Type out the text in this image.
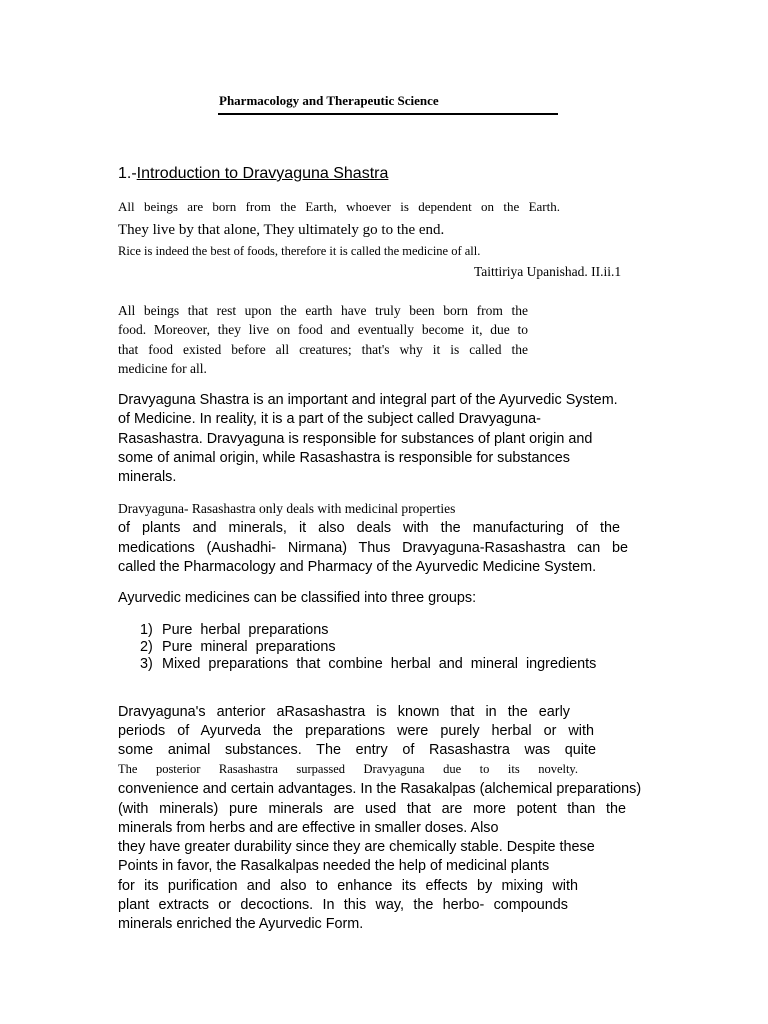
Pharmacology and Therapeutic Science
1.-Introduction to Dravyaguna Shastra
All beings are born from the Earth, whoever is dependent on the Earth.
They live by that alone, They ultimately go to the end.
Rice is indeed the best of foods, therefore it is called the medicine of all.
Taittiriya Upanishad. II.ii.1
All beings that rest upon the earth have truly been born from the
food. Moreover, they live on food and eventually become it, due to
that food existed before all creatures; that's why it is called the
medicine for all.
Dravyaguna Shastra is an important and integral part of the Ayurvedic System.
of Medicine. In reality, it is a part of the subject called Dravyaguna-
Rasashastra. Dravyaguna is responsible for substances of plant origin and
some of animal origin, while Rasashastra is responsible for substances
minerals.
Dravyaguna- Rasashastra only deals with medicinal properties
of plants and minerals, it also deals with the manufacturing of the
medications (Aushadhi- Nirmana) Thus Dravyaguna-Rasashastra can be
called the Pharmacology and Pharmacy of the Ayurvedic Medicine System.
Ayurvedic medicines can be classified into three groups:
1) Pure  herbal  preparations
2) Pure  mineral  preparations
3) Mixed  preparations  that  combine  herbal  and  mineral  ingredients
Dravyaguna's anterior aRasashastra is known that in the early
periods of Ayurveda the preparations were purely herbal or with
some animal substances. The entry of Rasashastra was quite
The posterior Rasashastra surpassed Dravyaguna due to its novelty.
convenience and certain advantages. In the Rasakalpas (alchemical preparations)
(with minerals) pure minerals are used that are more potent than the
minerals from herbs and are effective in smaller doses. Also
they have greater durability since they are chemically stable. Despite these
Points in favor, the Rasalkalpas needed the help of medicinal plants
for its purification and also to enhance its effects by mixing with
plant extracts or decoctions. In this way, the herbo- compounds
minerals enriched the Ayurvedic Form.
